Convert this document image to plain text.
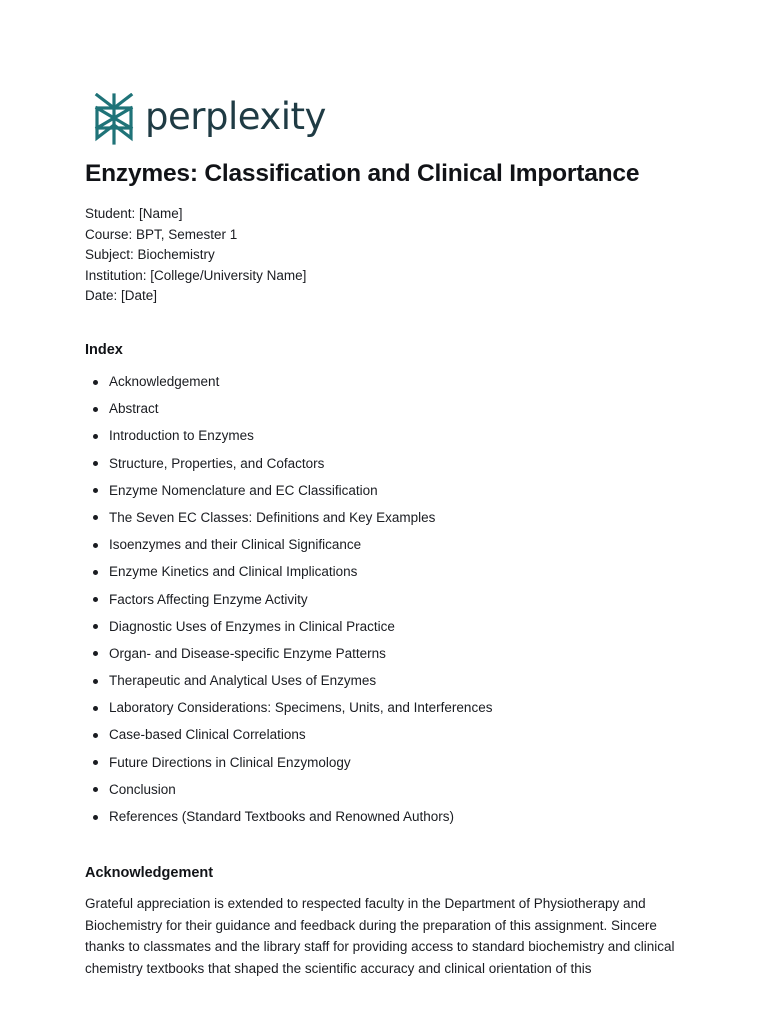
perplexity
Enzymes: Classification and Clinical Importance
Student: [Name]
Course: BPT, Semester 1
Subject: Biochemistry
Institution: [College/University Name]
Date: [Date]
Index
Acknowledgement
Abstract
Introduction to Enzymes
Structure, Properties, and Cofactors
Enzyme Nomenclature and EC Classification
The Seven EC Classes: Definitions and Key Examples
Isoenzymes and their Clinical Significance
Enzyme Kinetics and Clinical Implications
Factors Affecting Enzyme Activity
Diagnostic Uses of Enzymes in Clinical Practice
Organ- and Disease-specific Enzyme Patterns
Therapeutic and Analytical Uses of Enzymes
Laboratory Considerations: Specimens, Units, and Interferences
Case-based Clinical Correlations
Future Directions in Clinical Enzymology
Conclusion
References (Standard Textbooks and Renowned Authors)
Acknowledgement

Grateful appreciation is extended to respected faculty in the Department of Physiotherapy and Biochemistry for their guidance and feedback during the preparation of this assignment. Sincere thanks to classmates and the library staff for providing access to standard biochemistry and clinical chemistry textbooks that shaped the scientific accuracy and clinical orientation of this
